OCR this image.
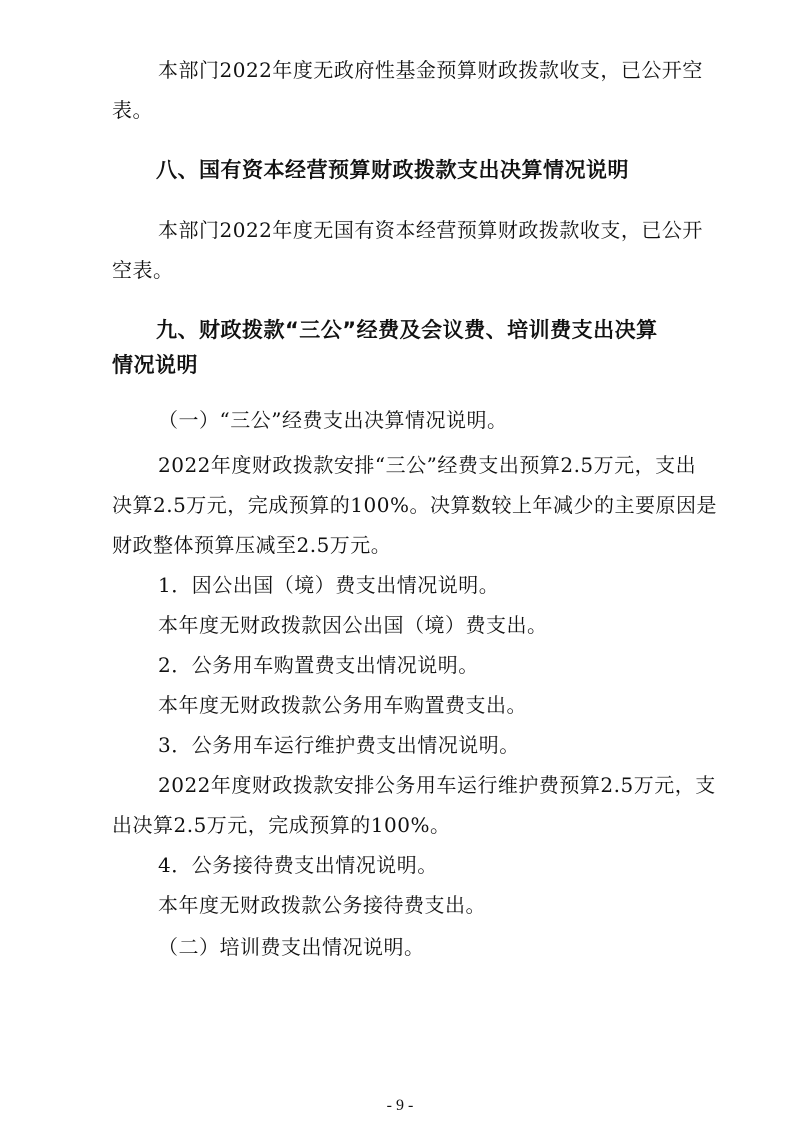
本部门2022年度无政府性基金预算财政拨款收支，已公开空
表。
八、国有资本经营预算财政拨款支出决算情况说明
本部门2022年度无国有资本经营预算财政拨款收支，已公开
空表。
九、财政拨款“三公”经费及会议费、培训费支出决算
情况说明
（一）“三公”经费支出决算情况说明。
2022年度财政拨款安排“三公”经费支出预算2.5万元，支出
决算2.5万元，完成预算的100%。决算数较上年减少的主要原因是
财政整体预算压减至2.5万元。
1．因公出国（境）费支出情况说明。
本年度无财政拨款因公出国（境）费支出。
2．公务用车购置费支出情况说明。
本年度无财政拨款公务用车购置费支出。
3．公务用车运行维护费支出情况说明。
2022年度财政拨款安排公务用车运行维护费预算2.5万元，支
出决算2.5万元，完成预算的100%。
4．公务接待费支出情况说明。
本年度无财政拨款公务接待费支出。
（二）培训费支出情况说明。
- 9 -
